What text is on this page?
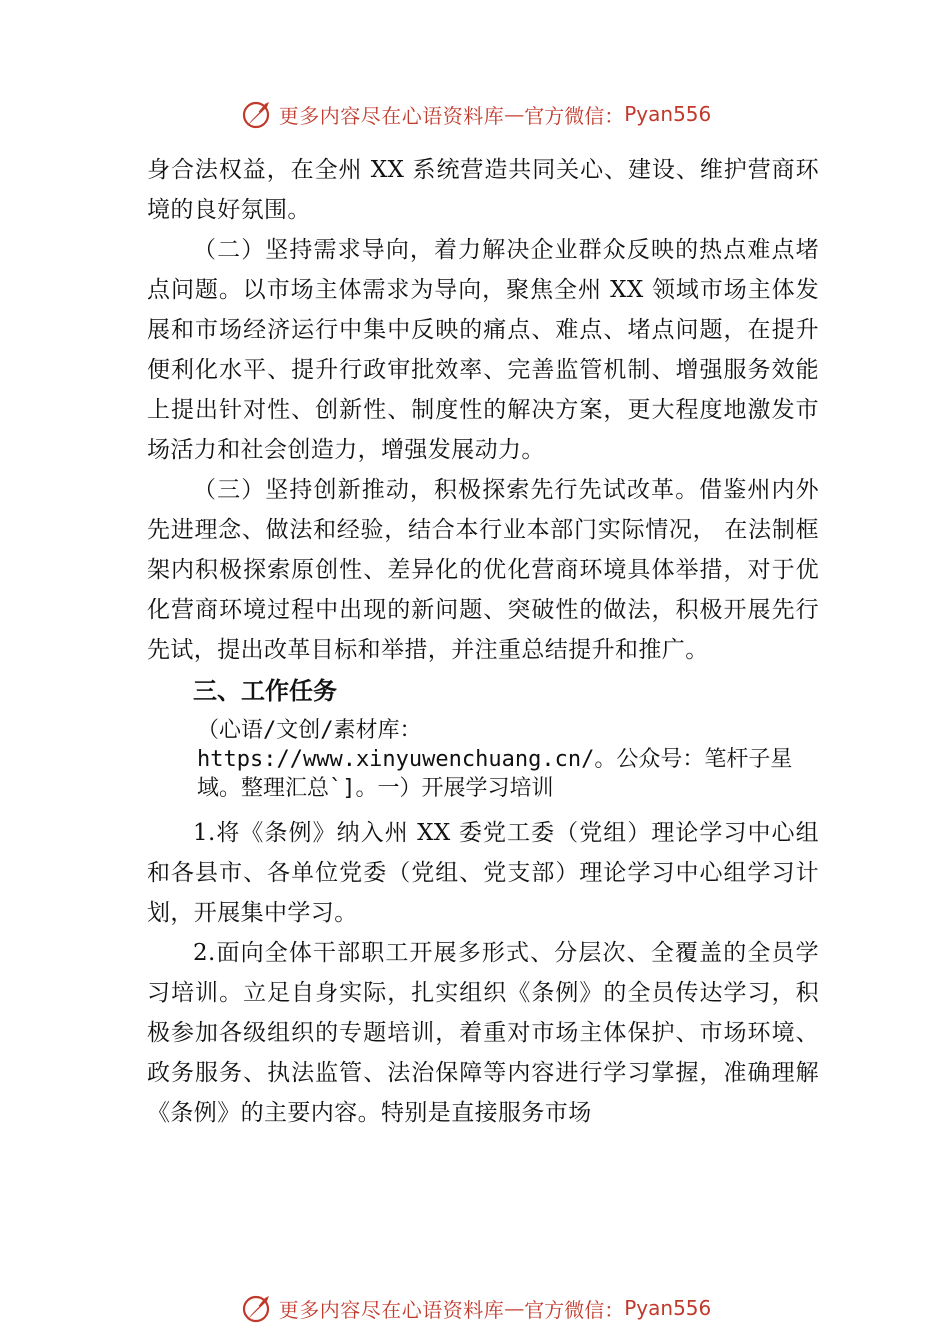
更多内容尽在心语资料库 — 官方微信： Pyan556

身合法权益，在全州 XX 系统营造共同关心、建设、维护营商环境的良好氛围。

（二）坚持需求导向，着力解决企业群众反映的热点难点堵点问题。以市场主体需求为导向，聚焦全州 XX 领域市场主体发展和市场经济运行中集中反映的痛点、难点、堵点问题，在提升便利化水平、提升行政审批效率、完善监管机制、增强服务效能上提出针对性、创新性、制度性的解决方案，更大程度地激发市场活力和社会创造力，增强发展动力。

（三）坚持创新推动，积极探索先行先试改革。借鉴州内外先进理念、做法和经验，结合本行业本部门实际情况， 在法制框架内积极探索原创性、差异化的优化营商环境具体举措，对于优化营商环境过程中出现的新问题、突破性的做法，积极开展先行先试，提出改革目标和举措，并注重总结提升和推广。

三、工作任务

（心语/文创/素材库：https://www.xinyuwenchuang.cn/。公众号：笔杆子星域。整理汇总`]。一）开展学习培训

1.将《条例》纳入州 XX 委党工委（党组）理论学习中心组和各县市、各单位党委（党组、党支部）理论学习中心组学习计划，开展集中学习。

2.面向全体干部职工开展多形式、分层次、全覆盖的全员学习培训。立足自身实际，扎实组织《条例》的全员传达学习，积极参加各级组织的专题培训，着重对市场主体保护、市场环境、政务服务、执法监管、法治保障等内容进行学习掌握，准确理解《条例》的主要内容。特别是直接服务市场

更多内容尽在心语资料库 — 官方微信： Pyan556
